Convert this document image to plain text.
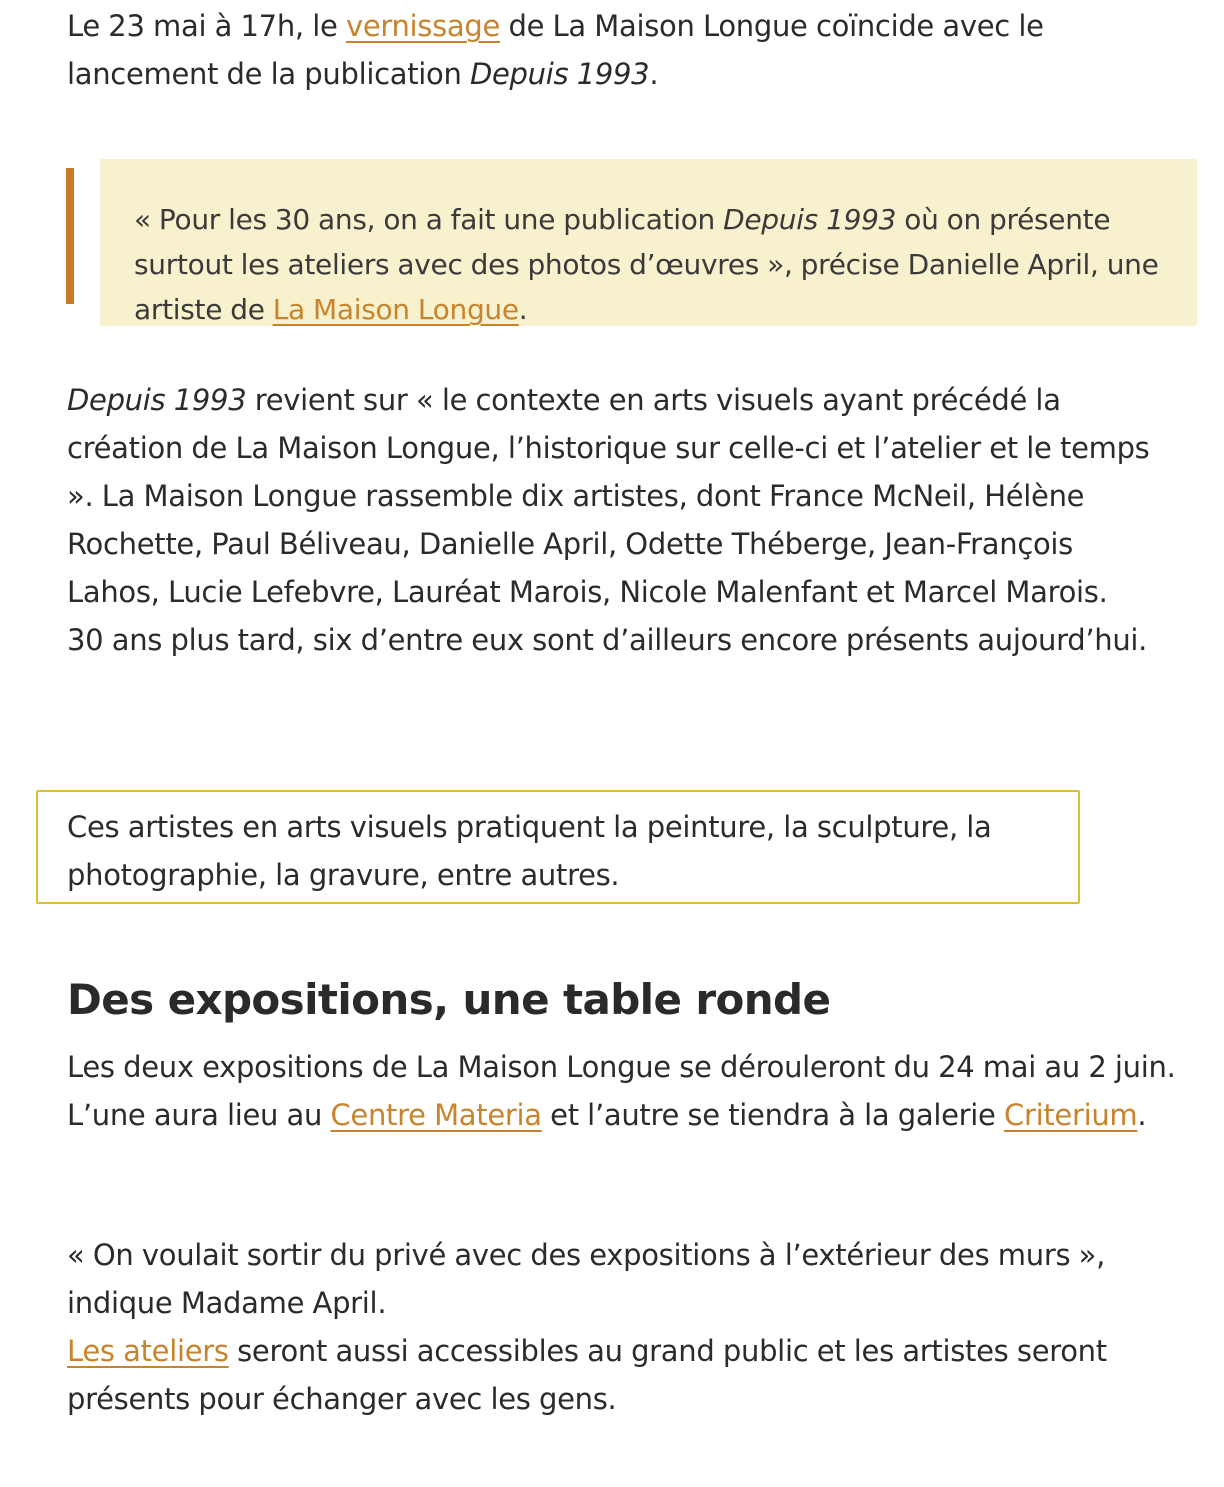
Le 23 mai à 17h, le vernissage de La Maison Longue coïncide avec le lancement de la publication Depuis 1993.

« Pour les 30 ans, on a fait une publication Depuis 1993 où on présente surtout les ateliers avec des photos d’œuvres », précise Danielle April, une artiste de La Maison Longue.

Depuis 1993 revient sur « le contexte en arts visuels ayant précédé la création de La Maison Longue, l’historique sur celle-ci et l’atelier et le temps ». La Maison Longue rassemble dix artistes, dont France McNeil, Hélène Rochette, Paul Béliveau, Danielle April, Odette Théberge, Jean-François Lahos, Lucie Lefebvre, Lauréat Marois, Nicole Malenfant et Marcel Marois.
30 ans plus tard, six d’entre eux sont d’ailleurs encore présents aujourd’hui.

Ces artistes en arts visuels pratiquent la peinture, la sculpture, la photographie, la gravure, entre autres.

Des expositions, une table ronde

Les deux expositions de La Maison Longue se dérouleront du 24 mai au 2 juin. L’une aura lieu au Centre Materia et l’autre se tiendra à la galerie Criterium.

« On voulait sortir du privé avec des expositions à l’extérieur des murs », indique Madame April.
Les ateliers seront aussi accessibles au grand public et les artistes seront présents pour échanger avec les gens.
